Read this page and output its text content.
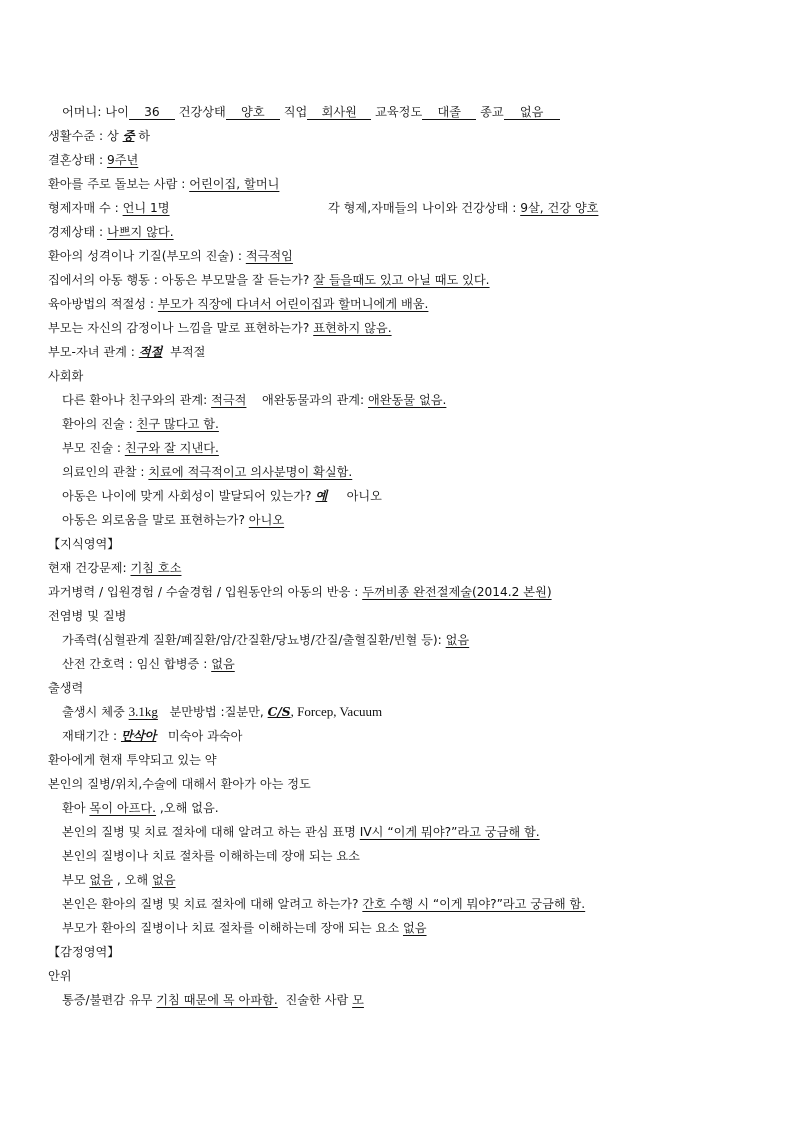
어머니: 나이 36 건강상태 양호 직업 회사원 교육정도 대졸 종교 없음
생활수준 : 상 중 하
결혼상태 : 9주년
환아를 주로 돌보는 사람 : 어린이집, 할머니
형제자매 수 : 언니 1명	각 형제,자매들의 나이와 건강상태 : 9살, 건강 양호
경제상태 : 나쁘지 않다.
환아의 성격이나 기질(부모의 진술) : 적극적임
집에서의 아동 행동 : 아동은 부모말을 잘 듣는가? 잘 들을때도 있고 아닐 때도 있다.
육아방법의 적절성 : 부모가 직장에 다녀서 어린이집과 할머니에게 배움.
부모는 자신의 감정이나 느낌을 말로 표현하는가? 표현하지 않음.
부모-자녀 관계 : 적절 부적절
사회화
다른 환아나 친구와의 관계: 적극적 애완동물과의 관계: 애완동물 없음.
환아의 진술 : 친구 많다고 함.
부모 진술 : 친구와 잘 지낸다.
의료인의 관찰 : 치료에 적극적이고 의사분명이 확실함.
아동은 나이에 맞게 사회성이 발달되어 있는가? 예 아니오
아동은 외로움을 말로 표현하는가? 아니오
【지식영역】
현재 건강문제: 기침 호소
과거병력 / 입원경험 / 수술경험 / 입원동안의 아동의 반응 : 두꺼비종 완전절제술(2014.2 본원)
전염병 및 질병
가족력(심혈관계 질환/폐질환/암/간질환/당뇨병/간질/출혈질환/빈혈 등): 없음
산전 간호력 : 임신 합병증 : 없음
출생력
출생시 체중 3.1kg 분만방법 :질분만, C/S, Forcep, Vacuum
재태기간 : 만삭아 미숙아 과숙아
환아에게 현재 투약되고 있는 약
본인의 질병/위치,수술에 대해서 환아가 아는 정도
환아 목이 아프다. ,오해 없음.
본인의 질병 및 치료 절차에 대해 알려고 하는 관심 표명 IV시 “이게 뭐야?”라고 궁금해 함.
본인의 질병이나 치료 절차를 이해하는데 장애 되는 요소
부모 없음 , 오해 없음
본인은 환아의 질병 및 치료 절차에 대해 알려고 하는가? 간호 수행 시 “이게 뭐야?”라고 궁금해 함.
부모가 환아의 질병이나 치료 절차를 이해하는데 장애 되는 요소 없음
【감정영역】
안위
통증/불편감 유무 기침 때문에 목 아파함. 진술한 사람 모
